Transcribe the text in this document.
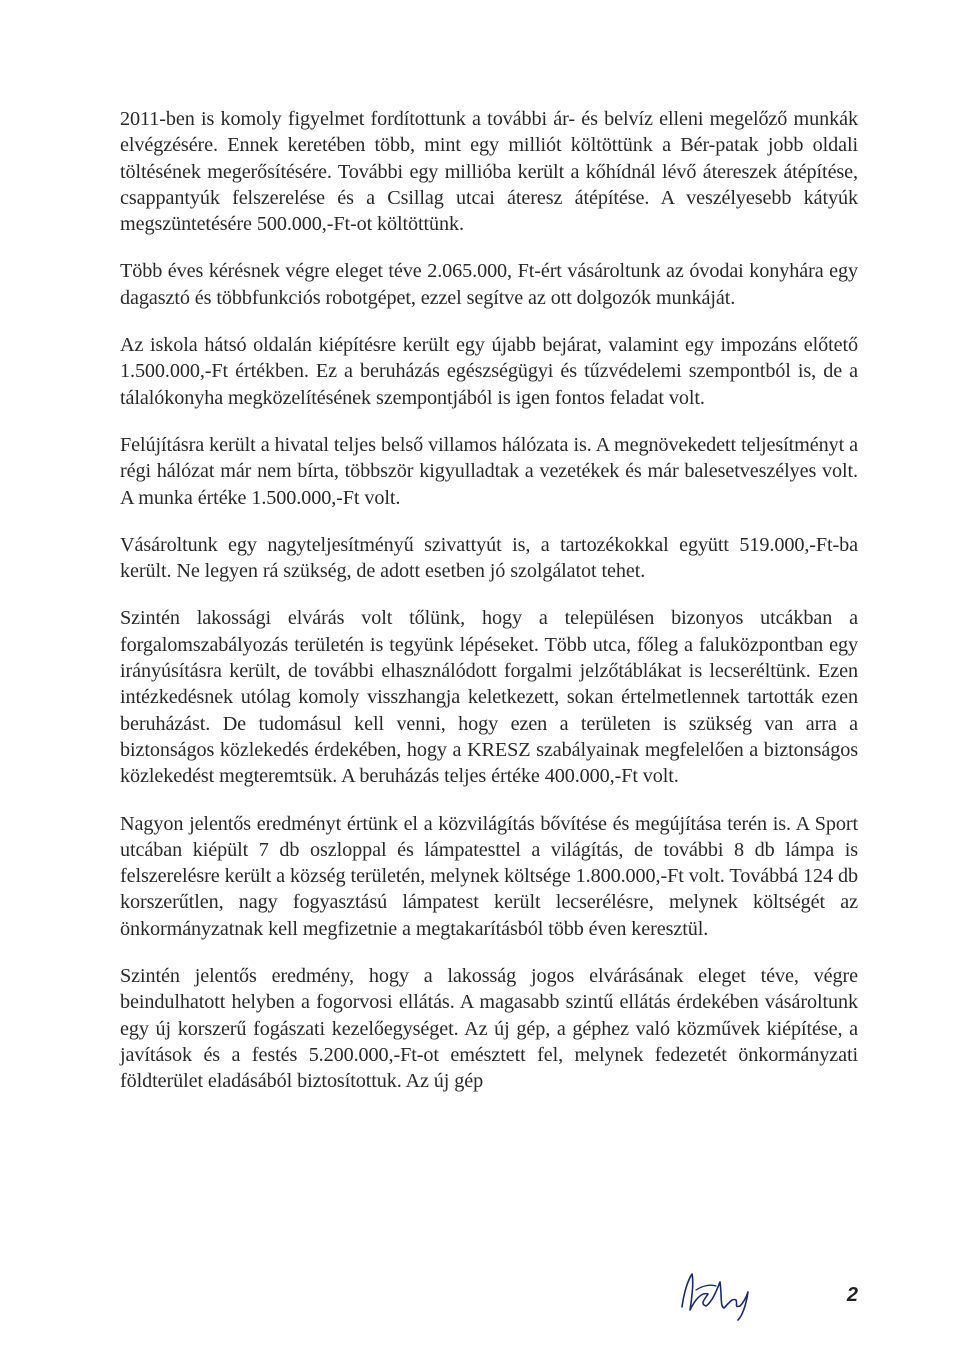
2011-ben is komoly figyelmet fordítottunk a további ár- és belvíz elleni megelőző munkák elvégzésére. Ennek keretében több, mint egy milliót költöttünk a Bér-patak jobb oldali töltésének megerősítésére. További egy millióba került a kőhídnál lévő átereszek átépítése, csappantyúk felszerelése és a Csillag utcai áteresz átépítése. A veszélyesebb kátyúk megszüntetésére 500.000,-Ft-ot költöttünk.

Több éves kérésnek végre eleget téve 2.065.000, Ft-ért vásároltunk az óvodai konyhára egy dagasztó és többfunkciós robotgépet, ezzel segítve az ott dolgozók munkáját.

Az iskola hátsó oldalán kiépítésre került egy újabb bejárat, valamint egy impozáns előtető 1.500.000,-Ft értékben. Ez a beruházás egészségügyi és tűzvédelemi szempontból is, de a tálalókonyha megközelítésének szempontjából is igen fontos feladat volt.

Felújításra került a hivatal teljes belső villamos hálózata is. A megnövekedett teljesítményt a régi hálózat már nem bírta, többször kigyulladtak a vezetékek és már balesetveszélyes volt. A munka értéke 1.500.000,-Ft volt.

Vásároltunk egy nagyteljesítményű szivattyút is, a tartozékokkal együtt 519.000,-Ft-ba került. Ne legyen rá szükség, de adott esetben jó szolgálatot tehet.

Szintén lakossági elvárás volt tőlünk, hogy a településen bizonyos utcákban a forgalomszabályozás területén is tegyünk lépéseket. Több utca, főleg a faluközpontban egy irányúsításra került, de további elhasználódott forgalmi jelzőtáblákat is lecseréltünk. Ezen intézkedésnek utólag komoly visszhangja keletkezett, sokan értelmetlennek tartották ezen beruházást. De tudomásul kell venni, hogy ezen a területen is szükség van arra a biztonságos közlekedés érdekében, hogy a KRESZ szabályainak megfelelően a biztonságos közlekedést megteremtsük. A beruházás teljes értéke 400.000,-Ft volt.

Nagyon jelentős eredményt értünk el a közvilágítás bővítése és megújítása terén is. A Sport utcában kiépült 7 db oszloppal és lámpatesttel a világítás, de további 8 db lámpa is felszerelésre került a község területén, melynek költsége 1.800.000,-Ft volt. Továbbá 124 db korszerűtlen, nagy fogyasztású lámpatest került lecserélésre, melynek költségét az önkormányzatnak kell megfizetnie a megtakarításból több éven keresztül.

Szintén jelentős eredmény, hogy a lakosság jogos elvárásának eleget téve, végre beindulhatott helyben a fogorvosi ellátás. A magasabb szintű ellátás érdekében vásároltunk egy új korszerű fogászati kezelőegységet. Az új gép, a géphez való közművek kiépítése, a javítások és a festés 5.200.000,-Ft-ot emésztett fel, melynek fedezetét önkormányzati földterület eladásából biztosítottuk. Az új gép

2
